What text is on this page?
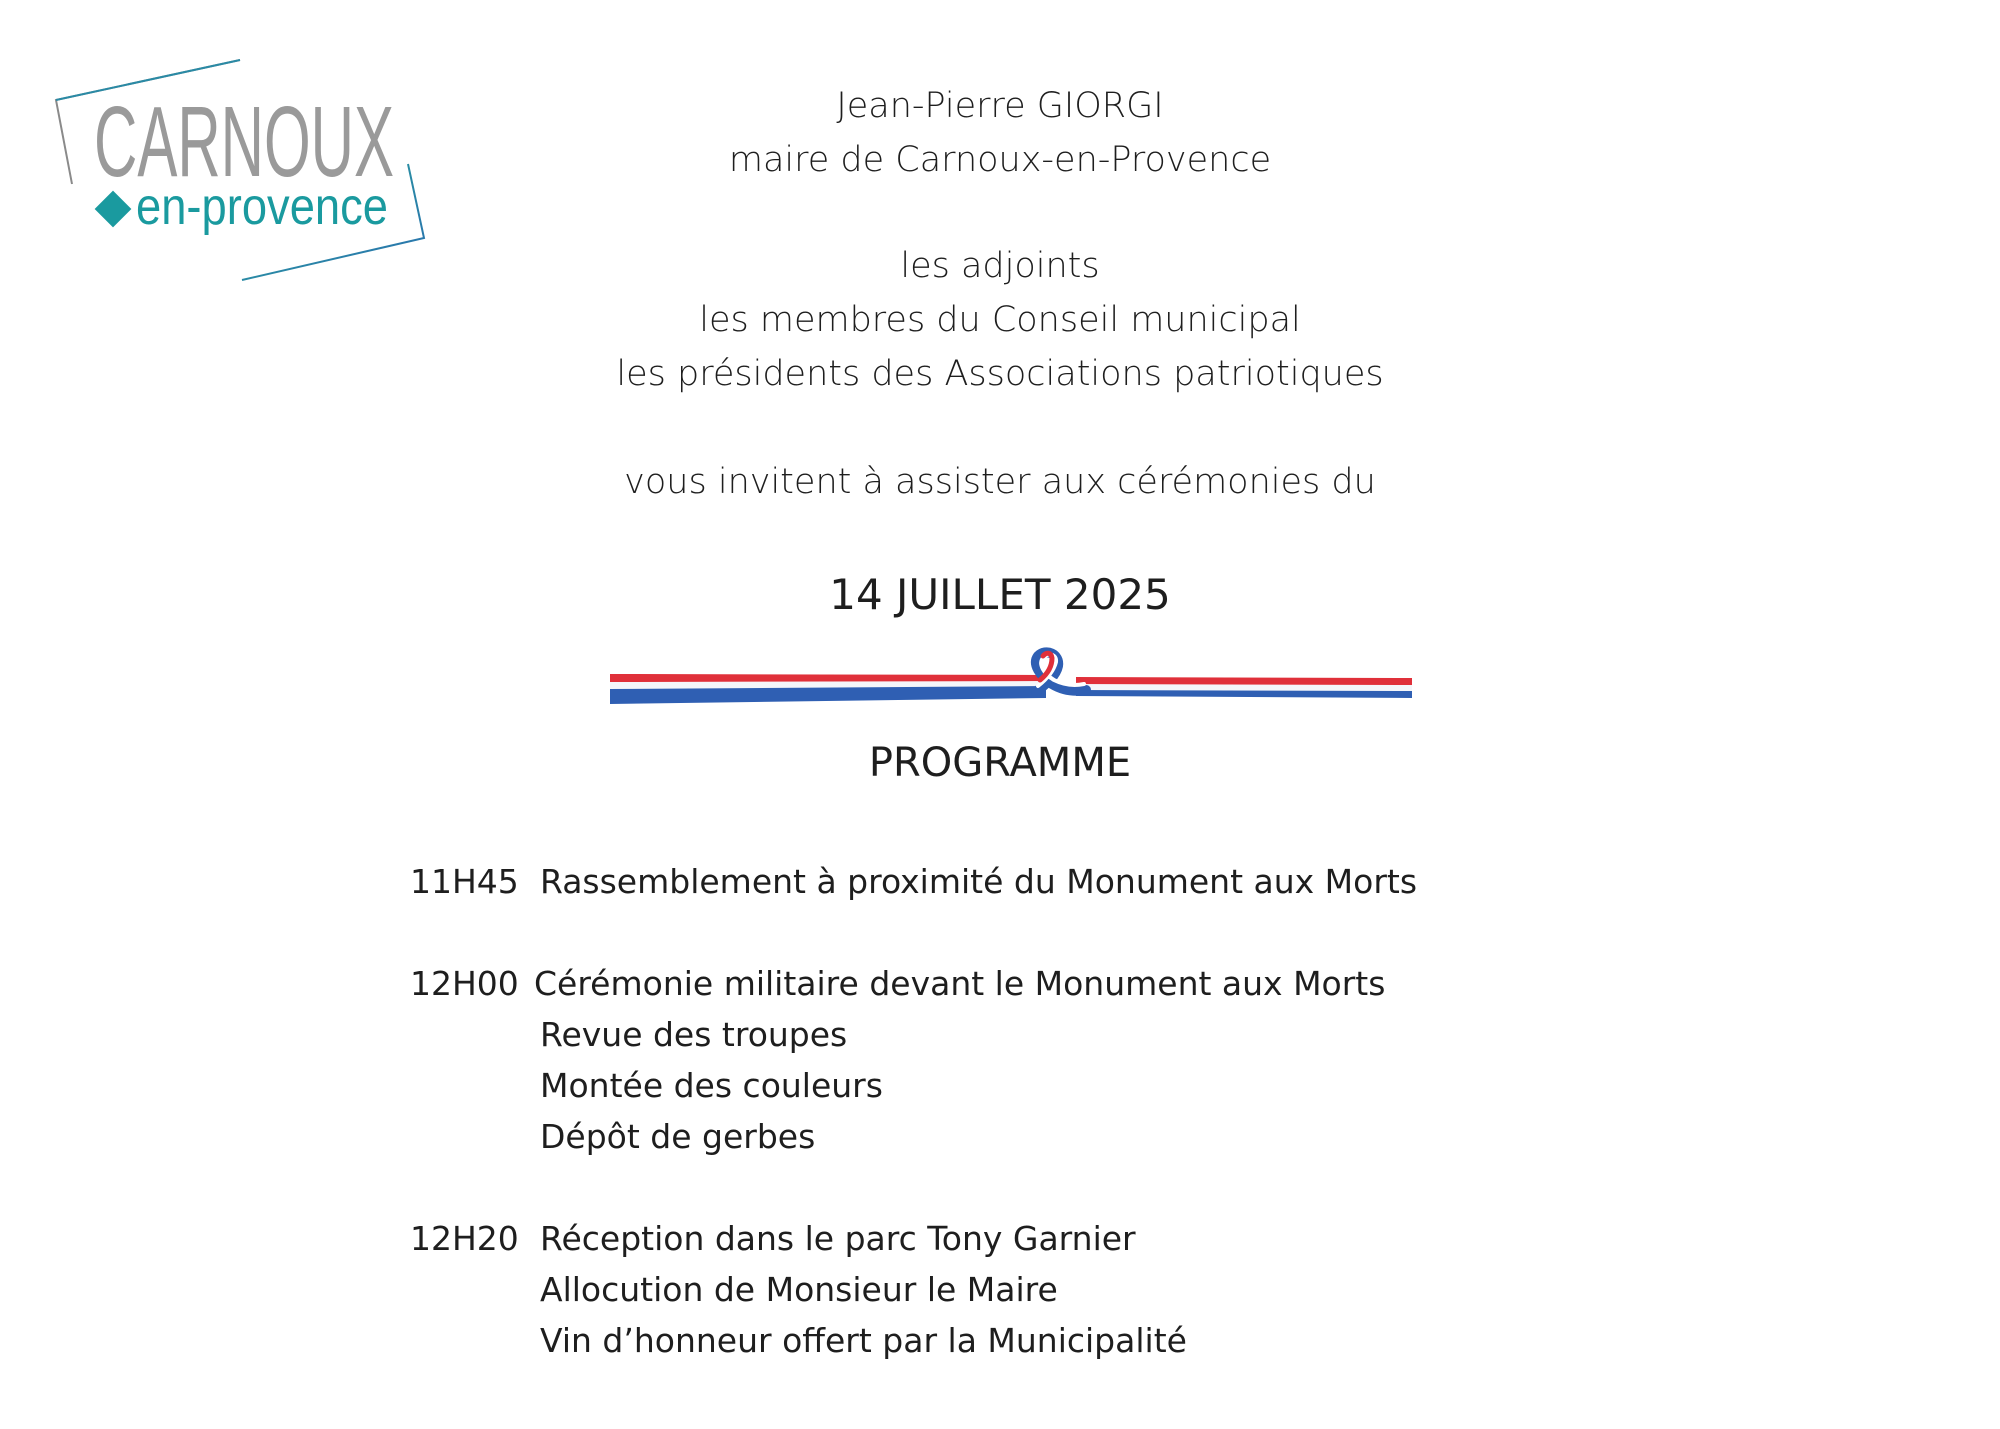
CARNOUX
en-provence
Jean-Pierre GIORGI
maire de Carnoux-en-Provence
les adjoints
les membres du Conseil municipal
les présidents des Associations patriotiques
vous invitent à assister aux cérémonies du
14 JUILLET 2025
PROGRAMME
11H45 Rassemblement à proximité du Monument aux Morts
12H00 Cérémonie militaire devant le Monument aux Morts
Revue des troupes
Montée des couleurs
Dépôt de gerbes
12H20 Réception dans le parc Tony Garnier
Allocution de Monsieur le Maire
Vin d’honneur offert par la Municipalité
